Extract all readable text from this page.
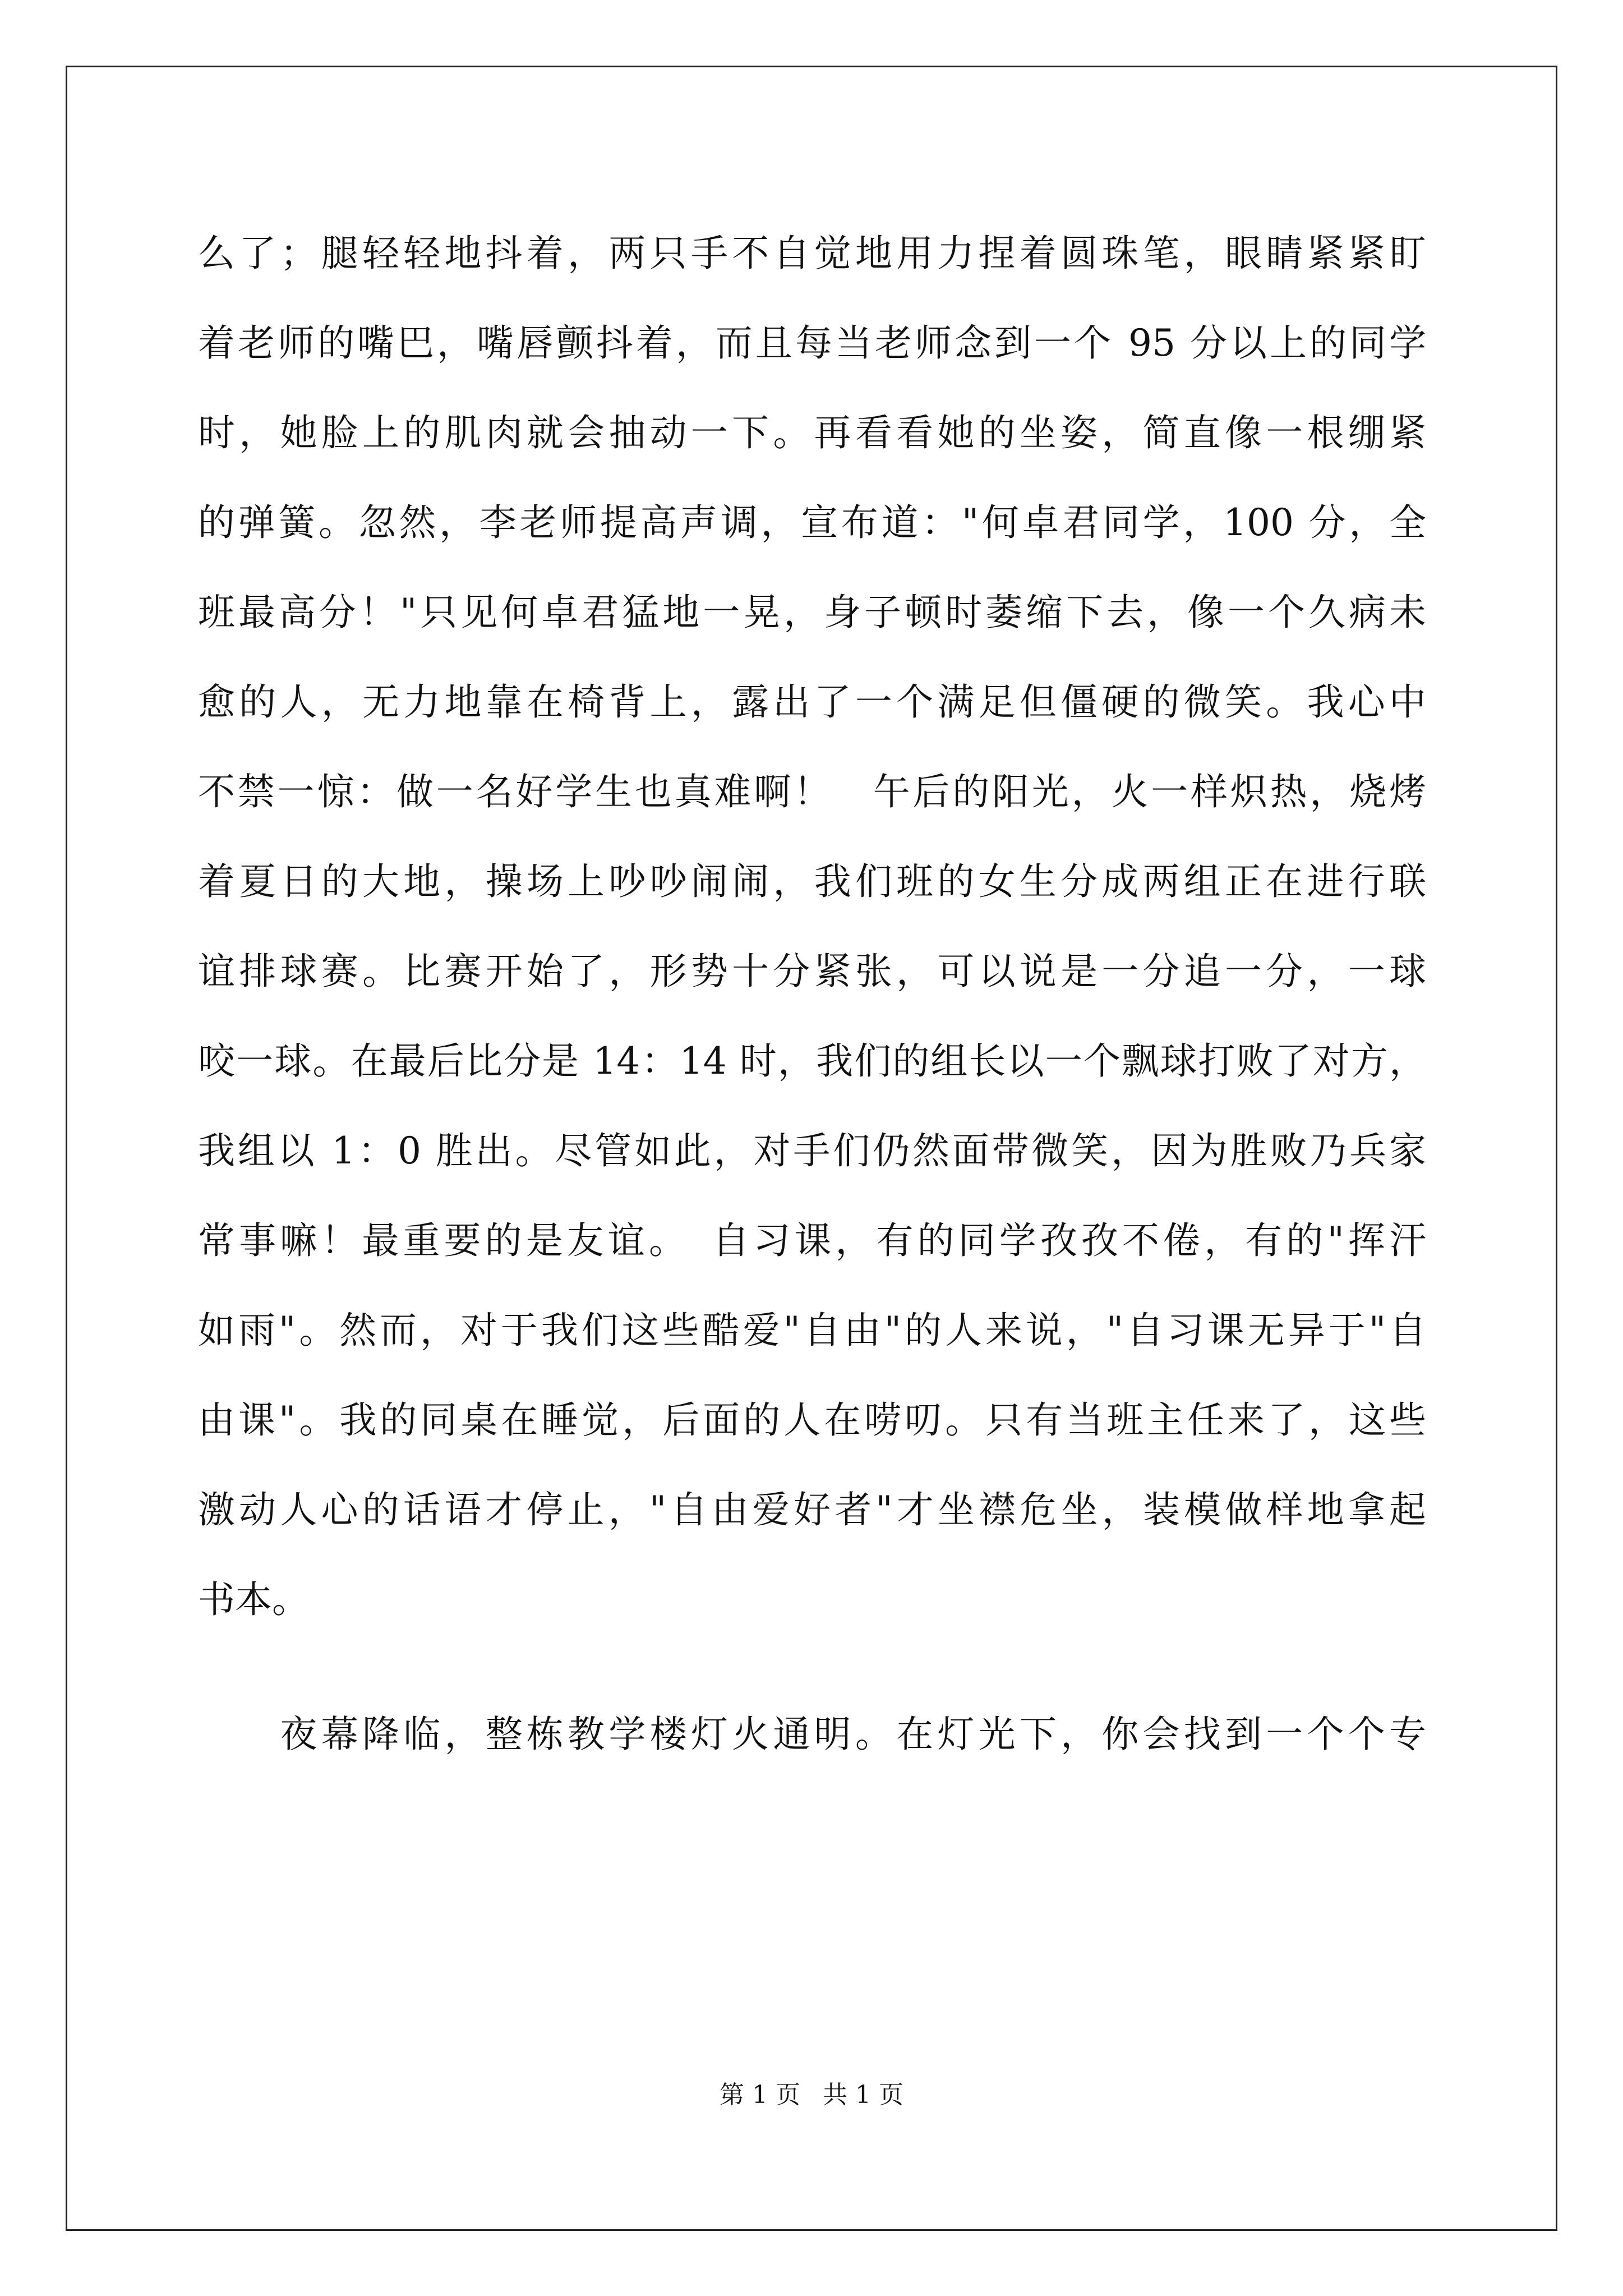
么了；腿轻轻地抖着，两只手不自觉地用力捏着圆珠笔，眼睛紧紧盯
着老师的嘴巴，嘴唇颤抖着，而且每当老师念到一个 95 分以上的同学
时，她脸上的肌肉就会抽动一下。再看看她的坐姿，简直像一根绷紧
的弹簧。忽然，李老师提高声调，宣布道："何卓君同学，100 分，全
班最高分！"只见何卓君猛地一晃，身子顿时萎缩下去，像一个久病未
愈的人，无力地靠在椅背上，露出了一个满足但僵硬的微笑。我心中
不禁一惊：做一名好学生也真难啊！　午后的阳光，火一样炽热，烧烤
着夏日的大地，操场上吵吵闹闹，我们班的女生分成两组正在进行联
谊排球赛。比赛开始了，形势十分紧张，可以说是一分追一分，一球
咬一球。在最后比分是 14：14 时，我们的组长以一个飘球打败了对方，
我组以 1：0 胜出。尽管如此，对手们仍然面带微笑，因为胜败乃兵家
常事嘛！最重要的是友谊。　自习课，有的同学孜孜不倦，有的"挥汗
如雨"。然而，对于我们这些酷爱"自由"的人来说，"自习课无异于"自
由课"。我的同桌在睡觉，后面的人在唠叨。只有当班主任来了，这些
激动人心的话语才停止，"自由爱好者"才坐襟危坐，装模做样地拿起
书本。
　　夜幕降临，整栋教学楼灯火通明。在灯光下，你会找到一个个专
第 1 页 共 1 页
